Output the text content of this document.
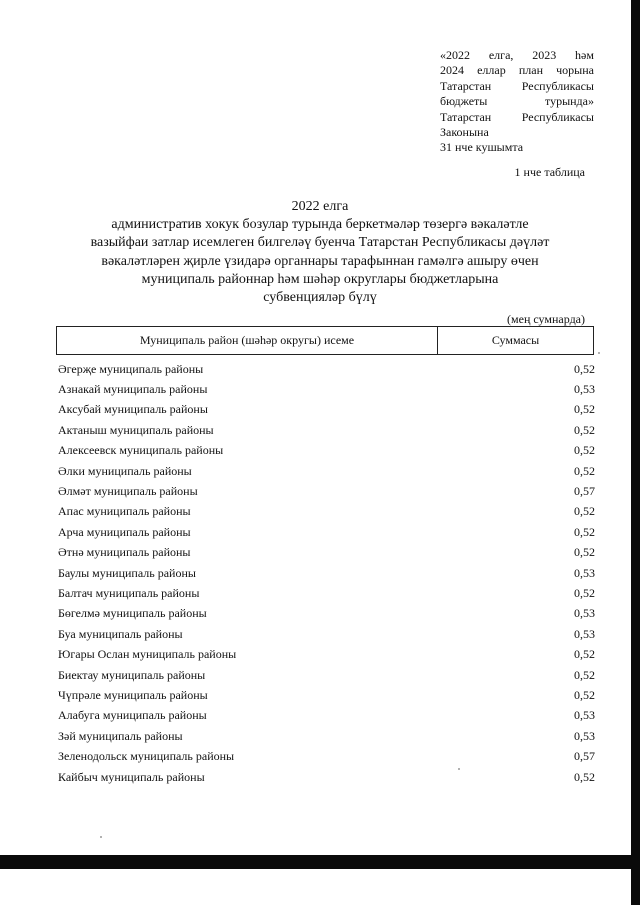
«2022 елга, 2023 һәм
2024 еллар план чорына
Татарстан	Республикасы
бюджеты	турында»
Татарстан	Республикасы
Законына
31 нче кушымта
1 нче таблица
2022 елга
административ хокук бозулар турында беркетмәләр төзергә вәкаләтле
вазыйфаи затлар исемлеген билгеләү буенча Татарстан Республикасы дәүләт
вәкаләтләрен җирле үзидарә органнары тарафыннан гамәлгә ашыру өчен
муниципаль районнар һәм шәһәр округлары бюджетларына
субвенцияләр бүлү
(мең сумнарда)
Муниципаль район (шәһәр округы) исеме	Суммасы
Әгерҗе муниципаль районы	0,52
Азнакай муниципаль районы	0,53
Аксубай муниципаль районы	0,52
Актаныш муниципаль районы	0,52
Алексеевск муниципаль районы	0,52
Әлки муниципаль районы	0,52
Әлмәт муниципаль районы	0,57
Апас муниципаль районы	0,52
Арча муниципаль районы	0,52
Әтнә муниципаль районы	0,52
Баулы муниципаль районы	0,53
Балтач муниципаль районы	0,52
Бөгелмә муниципаль районы	0,53
Буа муниципаль районы	0,53
Югары Ослан муниципаль районы	0,52
Биектау муниципаль районы	0,52
Чүпрәле муниципаль районы	0,52
Алабуга муниципаль районы	0,53
Зәй муниципаль районы	0,53
Зеленодольск муниципаль районы	0,57
Кайбыч муниципаль районы	0,52
